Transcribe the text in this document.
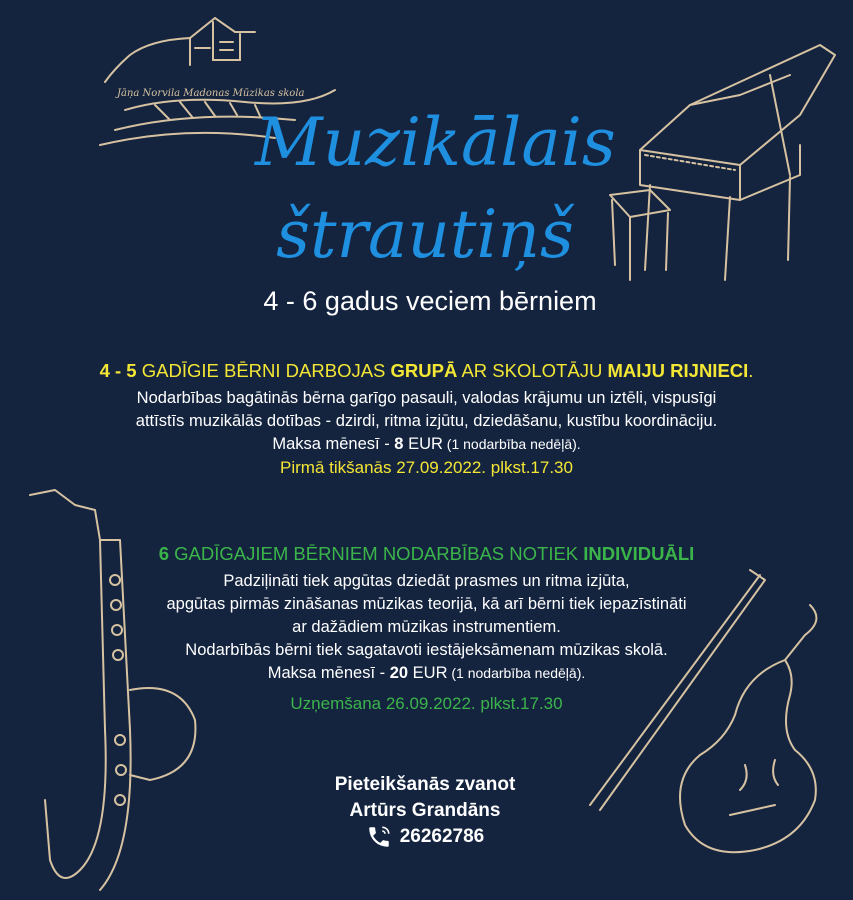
Jāņa Norvila Madonas Mūzikas skola
Muzikālais
štrautiņš
4 - 6 gadus veciem bērniem
4 - 5 GADĪGIE BĒRNI DARBOJAS GRUPĀ AR SKOLOTĀJU MAIJU RIJNIECI.
Nodarbības bagātinās bērna garīgo pasauli, valodas krājumu un iztēli, vispusīgi
attīstīs muzikālās dotības - dzirdi, ritma izjūtu, dziedāšanu, kustību koordināciju.
Maksa mēnesī - 8 EUR (1 nodarbība nedēļā).
Pirmā tikšanās 27.09.2022. plkst.17.30
6 GADĪGAJIEM BĒRNIEM NODARBĪBAS NOTIEK INDIVIDUĀLI
Padziļināti tiek apgūtas dziedāt prasmes un ritma izjūta,
apgūtas pirmās zināšanas mūzikas teorijā, kā arī bērni tiek iepazīstināti
ar dažādiem mūzikas instrumentiem.
Nodarbībās bērni tiek sagatavoti iestājeksāmenam mūzikas skolā.
Maksa mēnesī - 20 EUR (1 nodarbība nedēļā).
Uzņemšana 26.09.2022. plkst.17.30
Pieteikšanās zvanot
Artūrs Grandāns
26262786
